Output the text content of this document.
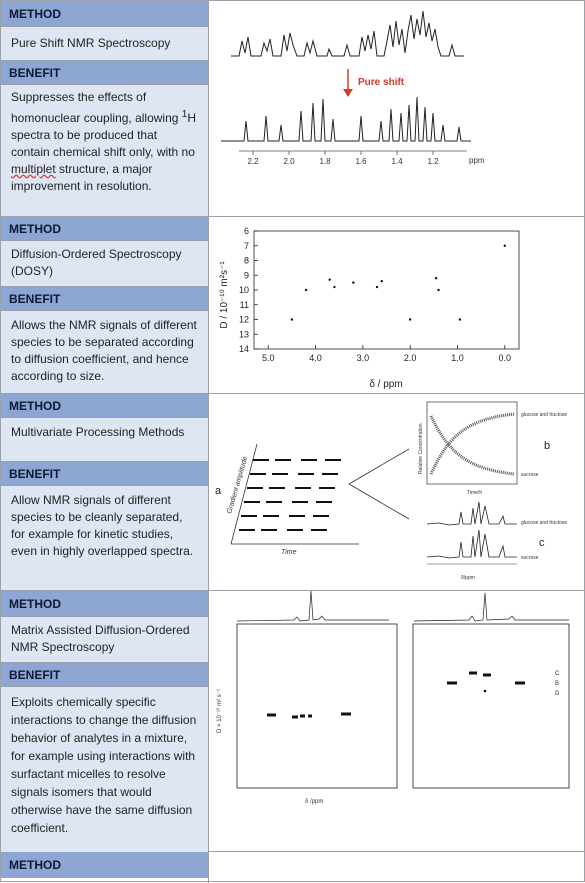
METHOD
Pure Shift NMR Spectroscopy
BENEFIT
Suppresses the effects of homonuclear coupling, allowing $^1$H spectra to be produced that contain chemical shift only, with no multiplet structure, a major improvement in resolution.
Pure shift
2.2	2.0	1.8	1.6	1.4	1.2	ppm
METHOD
Diffusion-Ordered Spectroscopy (DOSY)
BENEFIT
Allows the NMR signals of different species to be separated according to diffusion coefficient, and hence according to size.
6
7
8
9
10
11
12
13
14
5.0	4.0	3.0	2.0	1.0	0.0
D / 10⁻¹⁰ m²s⁻¹
δ / ppm
METHOD
Multivariate Processing Methods
BENEFIT
Allow NMR signals of different species to be cleanly separated, for example for kinetic studies, even in highly overlapped spectra.
Gradient amplitude
Time
a
Relative Concentration
Time/h
glucose and fructose
sucrose
b
glucose and fructose
sucrose
c
δ/ppm
METHOD
Matrix Assisted Diffusion-Ordered NMR Spectroscopy
BENEFIT
Exploits chemically specific interactions to change the diffusion behavior of analytes in a mixture, for example using interactions with surfactant micelles to resolve signals isomers that would otherwise have the same diffusion coefficient.
D × 10⁻¹⁰ m² s⁻¹
C
B
D
δ /ppm
METHOD
